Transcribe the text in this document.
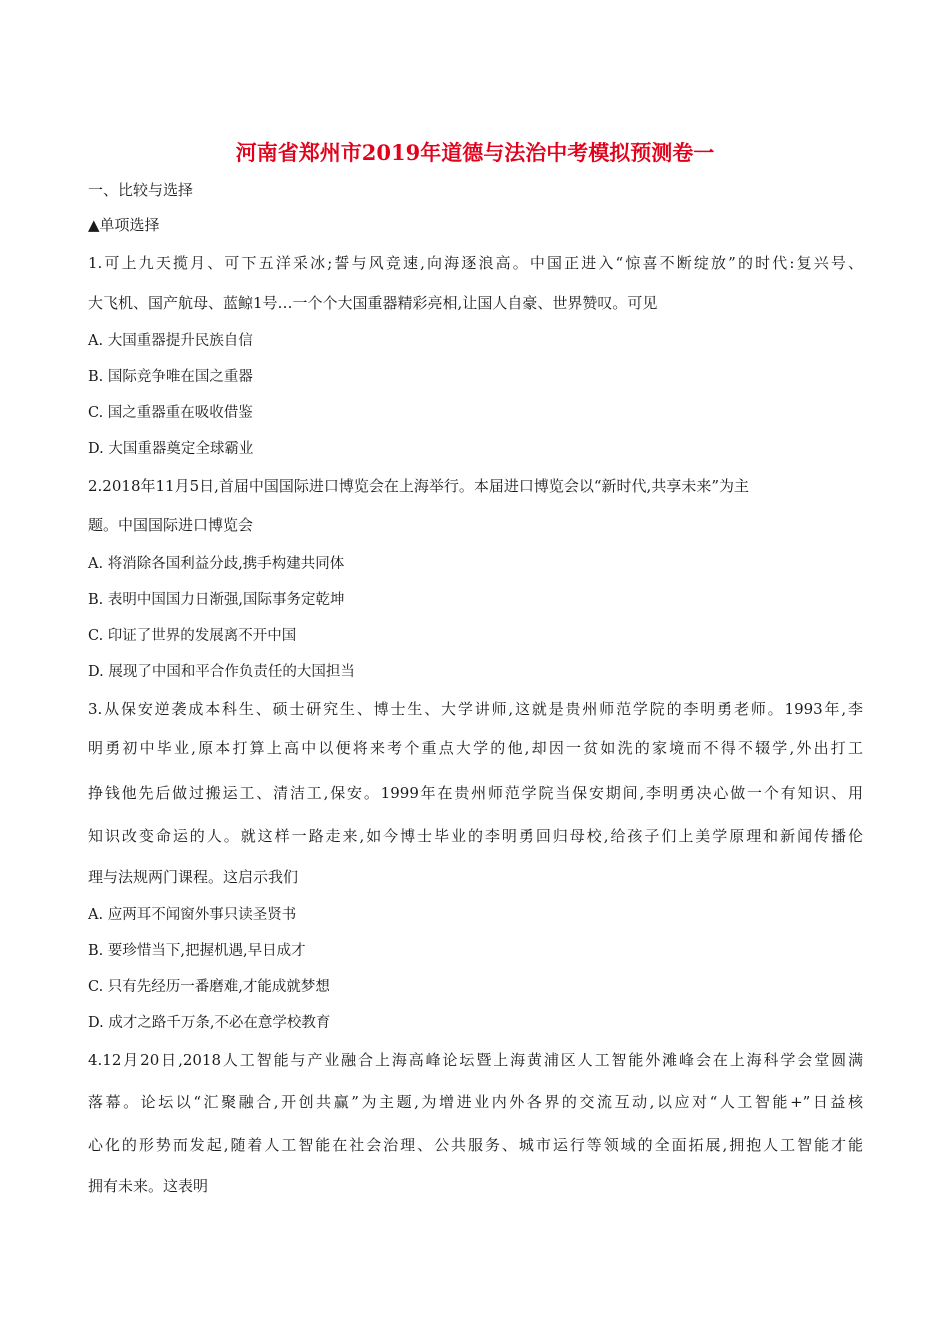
河南省郑州市2019年道德与法治中考模拟预测卷一
一、比较与选择
▲单项选择
1.可上九天揽月、可下五洋采冰;誓与风竞速,向海逐浪高。中国正进入“惊喜不断绽放”的时代:复兴号、
大飞机、国产航母、蓝鲸1号…一个个大国重器精彩亮相,让国人自豪、世界赞叹。可见
A. 大国重器提升民族自信
B. 国际竞争唯在国之重器
C. 国之重器重在吸收借鉴
D. 大国重器奠定全球霸业
2.2018年11月5日,首届中国国际进口博览会在上海举行。本届进口博览会以“新时代,共享未来”为主
题。中国国际进口博览会
A. 将消除各国利益分歧,携手构建共同体
B. 表明中国国力日渐强,国际事务定乾坤
C. 印证了世界的发展离不开中国
D. 展现了中国和平合作负责任的大国担当
3.从保安逆袭成本科生、硕士研究生、博士生、大学讲师,这就是贵州师范学院的李明勇老师。1993年,李
明勇初中毕业,原本打算上高中以便将来考个重点大学的他,却因一贫如洗的家境而不得不辍学,外出打工
挣钱他先后做过搬运工、清洁工,保安。1999年在贵州师范学院当保安期间,李明勇决心做一个有知识、用
知识改变命运的人。就这样一路走来,如今博士毕业的李明勇回归母校,给孩子们上美学原理和新闻传播伦
理与法规两门课程。这启示我们
A. 应两耳不闻窗外事只读圣贤书
B. 要珍惜当下,把握机遇,早日成才
C. 只有先经历一番磨难,才能成就梦想
D. 成才之路千万条,不必在意学校教育
4.12月20日,2018人工智能与产业融合上海高峰论坛暨上海黄浦区人工智能外滩峰会在上海科学会堂圆满
落幕。论坛以“汇聚融合,开创共赢”为主题,为增进业内外各界的交流互动,以应对“人工智能+”日益核
心化的形势而发起,随着人工智能在社会治理、公共服务、城市运行等领域的全面拓展,拥抱人工智能才能
拥有未来。这表明
